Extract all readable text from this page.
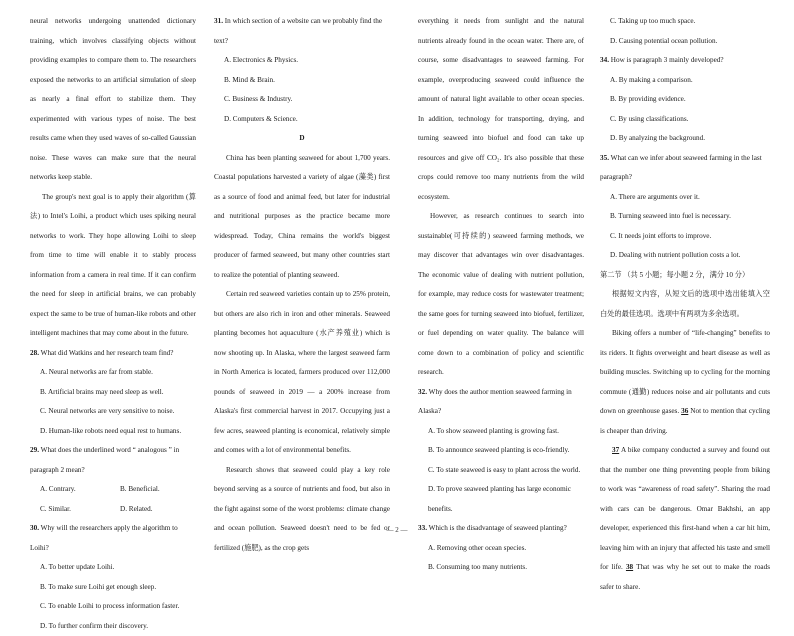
neural networks undergoing unattended dictionary training, which involves classifying objects without providing examples to compare them to. The researchers exposed the networks to an artificial simulation of sleep as nearly a final effort to stabilize them. They experimented with various types of noise. The best results came when they used waves of so-called Gaussian noise. These waves can make sure that the neural networks keep stable.

The group's next goal is to apply their algorithm (算法) to Intel's Loihi, a product which uses spiking neural networks to work. They hope allowing Loihi to sleep from time to time will enable it to stably process information from a camera in real time. If it can confirm the need for sleep in artificial brains, we can probably expect the same to be true of human-like robots and other intelligent machines that may come about in the future.

28. What did Watkins and her research team find?

A. Neural networks are far from stable.

B. Artificial brains may need sleep as well.

C. Neural networks are very sensitive to noise.

D. Human-like robots need equal rest to humans.

29. What does the underlined word “ analogous ” in paragraph 2 mean?

A. Contrary.	B. Beneficial.

C. Similar.	D. Related.

30. Why will the researchers apply the algorithm to Loihi?

A. To better update Loihi.

B. To make sure Loihi get enough sleep.

C. To enable Loihi to process information faster.

D. To further confirm their discovery.

31. In which section of a website can we probably find the text?

A. Electronics & Physics.

B. Mind & Brain.

C. Business & Industry.

D. Computers & Science.

D

China has been planting seaweed for about 1,700 years. Coastal populations harvested a variety of algae (藻类) first as a source of food and animal feed, but later for industrial and nutritional purposes as the practice became more widespread. Today, China remains the world's biggest producer of farmed seaweed, but many other countries start to realize the potential of planting seaweed.

Certain red seaweed varieties contain up to 25% protein, but others are also rich in iron and other minerals. Seaweed planting becomes hot aquaculture (水产养殖业) which is now shooting up. In Alaska, where the largest seaweed farm in North America is located, farmers produced over 112,000 pounds of seaweed in 2019 — a 200% increase from Alaska's first commercial harvest in 2017. Occupying just a few acres, seaweed planting is economical, relatively simple and comes with a lot of environmental benefits.

Research shows that seaweed could play a key role beyond serving as a source of nutrients and food, but also in the fight against some of the worst problems: climate change and ocean pollution. Seaweed doesn't need to be fed or fertilized (施肥), as the crop gets

everything it needs from sunlight and the natural nutrients already found in the ocean water. There are, of course, some disadvantages to seaweed farming. For example, overproducing seaweed could influence the amount of natural light available to other ocean species. In addition, technology for transporting, drying, and turning seaweed into biofuel and food can take up resources and give off CO₂. It's also possible that these crops could remove too many nutrients from the wild ecosystem.

However, as research continues to search into sustainable(可持续的) seaweed farming methods, we may discover that advantages win over disadvantages. The economic value of dealing with nutrient pollution, for example, may reduce costs for wastewater treatment; the same goes for turning seaweed into biofuel, fertilizer, or fuel depending on water quality. The balance will come down to a combination of policy and scientific research.

32. Why does the author mention seaweed farming in Alaska?

A. To show seaweed planting is growing fast.

B. To announce seaweed planting is eco-friendly.

C. To state seaweed is easy to plant across the world.

D. To prove seaweed planting has large economic benefits.

33. Which is the disadvantage of seaweed planting?

A. Removing other ocean species.

B. Consuming too many nutrients.

C. Taking up too much space.

D. Causing potential ocean pollution.

34. How is paragraph 3 mainly developed?

A. By making a comparison.

B. By providing evidence.

C. By using classifications.

D. By analyzing the background.

35. What can we infer about seaweed farming in the last paragraph?

A. There are arguments over it.

B. Turning seaweed into fuel is necessary.

C. It needs joint efforts to improve.

D. Dealing with nutrient pollution costs a lot.

第二节 （共 5 小题；每小题 2 分，满分 10 分）

根据短文内容，从短文后的选项中选出能填入空白处的最佳选项。选项中有两项为多余选项。

Biking offers a number of “life-changing” benefits to its riders. It fights overweight and heart disease as well as building muscles. Switching up to cycling for the morning commute (通勤) reduces noise and air pollutants and cuts down on greenhouse gases. 36 Not to mention that cycling is cheaper than driving.

37 A bike company conducted a survey and found out that the number one thing preventing people from biking to work was “awareness of road safety”. Sharing the road with cars can be dangerous. Omar Bakhshi, an app developer, experienced this first-hand when a car hit him, leaving him with an injury that affected his taste and smell for life. 38 That was why he set out to make the roads safer to share.

— 2 —
